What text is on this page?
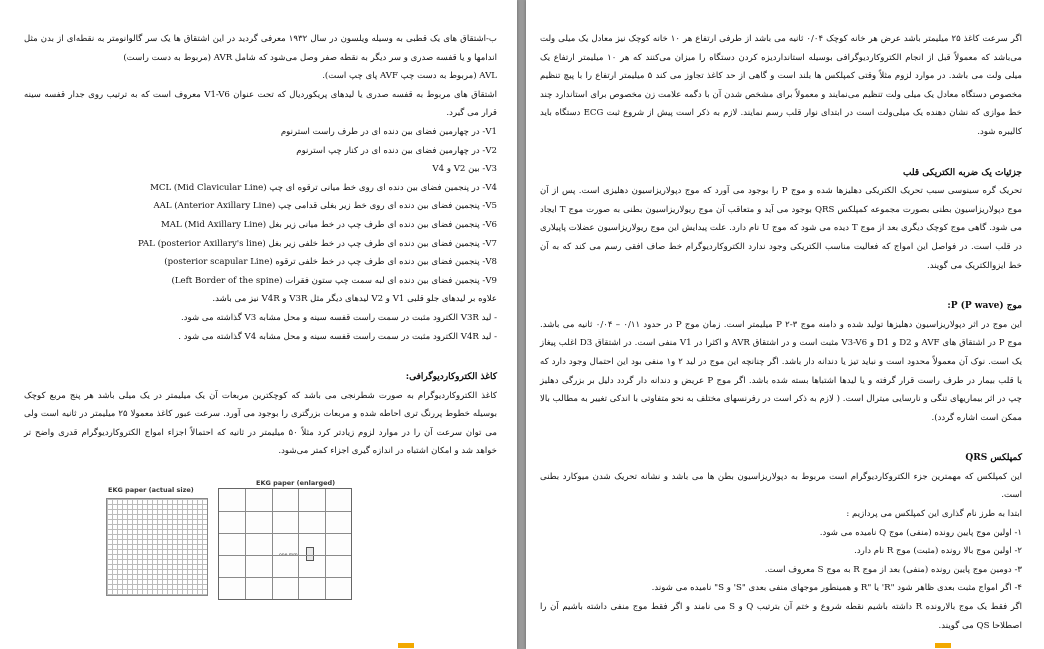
ب-اشتقاق های یک قطبی به وسیله ویلسون در سال ۱۹۳۲ معرفی گردید در این اشتقاق ها یک سر گالوانومتر به نقطه‌ای از بدن مثل اندامها و یا قفسه صدری و سر دیگر به نقطه صفر وصل می‌شود که شامل AVR (مربوط به دست راست)

AVL (مربوط به دست چپ AVF پای چپ است).

اشتقاق های مربوط به قفسه صدری یا لیدهای پریکوردیال که تحت عنوان V1-V6 معروف است که به ترتیب روی جدار قفسه سینه قرار می گیرد.

V1- در چهارمین فضای بین دنده ای در طرف راست استرنوم

V2- در چهارمین فضای بین دنده ای در کنار چپ استرنوم

V3- بین V2 و V4

V4- در پنجمین فضای بین دنده ای روی خط میانی ترقوه ای چپ MCL (Mid Clavicular Line)

V5- پنجمین فضای بین دنده ای روی خط زیر بغلی قدامی چپ AAL (Anterior Axillary Line)

V6- پنجمین فضای بین دنده ای طرف چپ در خط میانی زیر بغل MAL (Mid Axillary Line)

V7- پنجمین فضای بین دنده ای طرف چپ در خط خلفی زیر بغل PAL (posterior Axillary's line)

V8- پنجمین فضای بین دنده ای طرف چپ در خط خلفی ترقوه (posterior scapular Line)

V9- پنجمین فضای بین دنده ای لبه سمت چپ ستون فقرات (Left Border of the spine)

علاوه بر لیدهای جلو قلبی V1 و V2 لیدهای دیگر مثل V3R و V4R نیز می باشد.

- لید V3R الکترود مثبت در سمت راست قفسه سینه و محل مشابه V3 گذاشته می شود.

- لید V4R الکترود مثبت در سمت راست قفسه سینه و محل مشابه V4 گذاشته می شود .

کاغذ الکتروکاردیوگرافی:

کاغذ الکتروکاردیوگرام به صورت شطرنجی می باشد که کوچکترین مربعات آن یک میلیمتر در یک میلی باشد هر پنج مربع کوچک بوسیله خطوط پررنگ تری احاطه شده و مربعات بزرگتری را بوجود می آورد. سرعت عبور کاغذ معمولا ۲۵ میلیمتر در ثانیه است ولی می توان سرعت آن را در موارد لزوم زیادتر کرد مثلاً ۵۰ میلیمتر در ثانیه که احتمالاً اجزاء امواج الکتروکاردیوگرام قدری واضح تر خواهد شد و امکان اشتباه در اندازه گیری اجزاء کمتر می‌شود.

EKG paper (actual size)
EKG paper (enlarged)

اگر سرعت کاغذ ۲۵ میلیمتر باشد عرض هر خانه کوچک ۰/۰۴ ثانیه می باشد از طرفی ارتفاع هر ۱۰ خانه کوچک نیز معادل یک میلی ولت می‌باشد که معمولاً قبل از انجام الکتروکاردیوگرافی بوسیله استانداردیزه کردن دستگاه را میزان می‌کنند که هر ۱۰ میلیمتر ارتفاع یک میلی ولت می باشد. در موارد لزوم مثلاً وقتی کمپلکس ها بلند است و گاهی از حد کاغذ تجاوز می کند ۵ میلیمتر ارتفاع را با پیچ تنظیم مخصوص دستگاه معادل یک میلی ولت تنظیم می‌نمایند و معمولاً برای مشخص شدن آن با دگمه علامت زن مخصوص برای استاندارد چند خط موازی که نشان دهنده یک میلی‌ولت است در ابتدای نوار قلب رسم نمایند. لازم به ذکر است پیش از شروع ثبت ECG دستگاه باید کالیبره شود.

جزئیات یک ضربه الکتریکی قلب

تحریک گره سینوسی سبب تحریک الکتریکی دهلیزها شده و موج P را بوجود می آورد که موج دپولاریزاسیون دهلیزی است. پس از آن موج دپولاریزاسیون بطنی بصورت مجموعه کمپلکس QRS بوجود می آید و متعاقب آن موج ریولاریزاسیون بطنی به صورت موج T ایجاد می شود. گاهی موج کوچک دیگری بعد از موج T دیده می شود که موج U نام دارد. علت پیدایش این موج ریولاریزاسیون عضلات پاپیلاری در قلب است. در فواصل این امواج که فعالیت مناسب الکتریکی وجود ندارد الکتروکاردیوگرام خط صاف افقی رسم می کند که به آن خط ایزوالکتریک می گویند.

موج P (P wave):

این موج در اثر دپولاریزاسیون دهلیزها تولید شده و دامنه موج P ۲-۳ میلیمتر است. زمان موج P در حدود ۰/۱۱ – ۰/۰۴ ثانیه می باشد. موج P در اشتقاق های AVF و D2 و D1 و V3-V6 مثبت است و در اشتقاق AVR و اکثرا در V1 منفی است. در اشتقاق D3 اغلب پیغاز یک است. نوک آن معمولاً محدود است و نباید تیز یا دندانه دار باشد. اگر چنانچه این موج در لید ۲ و۱ منفی بود این احتمال وجود دارد که یا قلب بیمار در طرف راست قرار گرفته و یا لیدها اشتباها بسته شده باشد. اگر موج P عریض و دندانه دار گردد دلیل بر بزرگی دهلیز چپ در اثر بیماریهای تنگی و نارسایی میترال است. ( لازم به ذکر است در رفرنسهای مختلف به نحو متفاوتی با اندکی تغییر به مطالب بالا ممکن است اشاره گردد).

کمپلکس QRS

این کمپلکس که مهمترین جزء الکتروکاردیوگرام است مربوط به دپولاریزاسیون بطن ها می باشد و نشانه تحریک شدن میوکارد بطنی است.

ابتدا به طرز نام گذاری این کمپلکس می پردازیم :

۱- اولین موج پایین رونده (منفی) موج Q نامیده می شود.

۲- اولین موج بالا رونده (مثبت) موج R نام دارد.

۳- دومین موج پایین رونده (منفی) بعد از موج R به موج S معروف است.

۴- اگر امواج مثبت بعدی ظاهر شود "R' یا "R و همینطور موجهای منفی بعدی "S' و S" نامیده می شوند.

اگر فقط یک موج بالارونده R داشته باشیم نقطه شروع و ختم آن بترتیب Q و S می نامند و اگر فقط موج منفی داشته باشیم آن را اصطلاحا QS می گویند.
